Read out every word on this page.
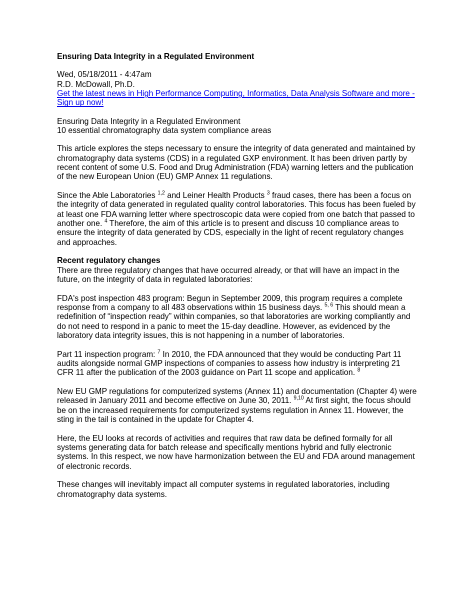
Ensuring Data Integrity in a Regulated Environment

Wed, 05/18/2011 - 4:47am

R.D. McDowall, Ph.D.

Get the latest news in High Performance Computing, Informatics, Data Analysis Software and more - Sign up now!

Ensuring Data Integrity in a Regulated Environment

10 essential chromatography data system compliance areas

This article explores the steps necessary to ensure the integrity of data generated and maintained by chromatography data systems (CDS) in a regulated GXP environment. It has been driven partly by recent content of some U.S. Food and Drug Administration (FDA) warning letters and the publication of the new European Union (EU) GMP Annex 11 regulations.

Since the Able Laboratories $^{1,2}$ and Leiner Health Products $^3$ fraud cases, there has been a focus on the integrity of data generated in regulated quality control laboratories. This focus has been fueled by at least one FDA warning letter where spectroscopic data were copied from one batch that passed to another one. $^4$ Therefore, the aim of this article is to present and discuss 10 compliance areas to ensure the integrity of data generated by CDS, especially in the light of recent regulatory changes and approaches.

Recent regulatory changes

There are three regulatory changes that have occurred already, or that will have an impact in the future, on the integrity of data in regulated laboratories:

FDA's post inspection 483 program: Begun in September 2009, this program requires a complete response from a company to all 483 observations within 15 business days. $^{5, 6}$ This should mean a redefinition of “inspection ready” within companies, so that laboratories are working compliantly and do not need to respond in a panic to meet the 15-day deadline. However, as evidenced by the laboratory data integrity issues, this is not happening in a number of laboratories.

Part 11 inspection program: $^7$ In 2010, the FDA announced that they would be conducting Part 11 audits alongside normal GMP inspections of companies to assess how industry is interpreting 21 CFR 11 after the publication of the 2003 guidance on Part 11 scope and application. $^8$

New EU GMP regulations for computerized systems (Annex 11) and documentation (Chapter 4) were released in January 2011 and become effective on June 30, 2011. $^{9,10}$ At first sight, the focus should be on the increased requirements for computerized systems regulation in Annex 11. However, the sting in the tail is contained in the update for Chapter 4.

Here, the EU looks at records of activities and requires that raw data be defined formally for all systems generating data for batch release and specifically mentions hybrid and fully electronic systems. In this respect, we now have harmonization between the EU and FDA around management of electronic records.

These changes will inevitably impact all computer systems in regulated laboratories, including chromatography data systems.
